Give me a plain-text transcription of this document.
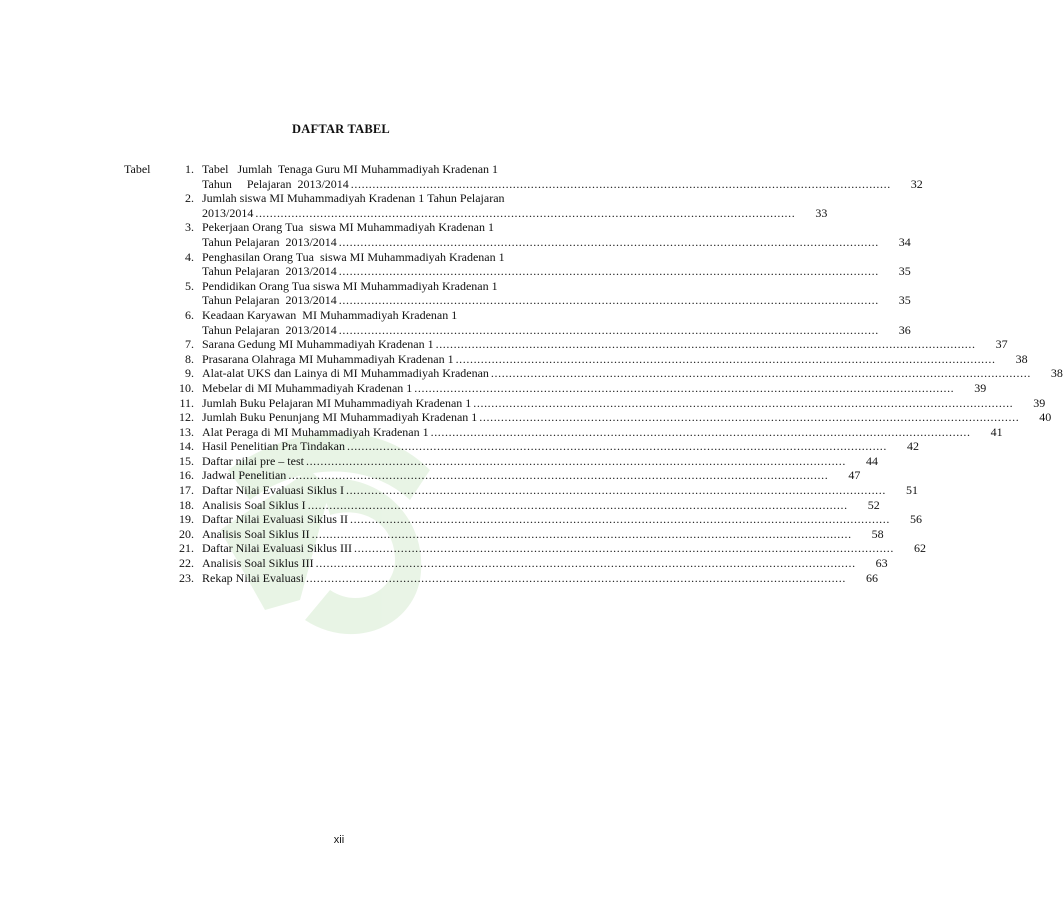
DAFTAR TABEL
Tabel	1. Tabel   Jumlah  Tenaga Guru MI Muhammadiyah Kradenan 1
Tahun     Pelajaran  2013/2014 .....	32
2. Jumlah siswa MI Muhammadiyah Kradenan 1 Tahun Pelajaran
2013/2014 .....	33
3. Pekerjaan Orang Tua  siswa MI Muhammadiyah Kradenan 1
Tahun Pelajaran  2013/2014 .....	34
4. Penghasilan Orang Tua  siswa MI Muhammadiyah Kradenan 1
Tahun Pelajaran  2013/2014 .....	35
5. Pendidikan Orang Tua siswa MI Muhammadiyah Kradenan 1
Tahun Pelajaran  2013/2014 .....	35
6. Keadaan Karyawan  MI Muhammadiyah Kradenan 1
Tahun Pelajaran  2013/2014 .....	36
7. Sarana Gedung MI Muhammadiyah Kradenan 1 .....	37
8. Prasarana Olahraga MI Muhammadiyah Kradenan 1 .....	38
9. Alat-alat UKS dan Lainya di MI Muhammadiyah Kradenan .....	38
10. Mebelar di MI Muhammadiyah Kradenan 1 .....	39
11. Jumlah Buku Pelajaran MI Muhammadiyah Kradenan 1 .....	39
12. Jumlah Buku Penunjang MI Muhammadiyah Kradenan 1 .....	40
13. Alat Peraga di MI Muhammadiyah Kradenan 1 .....	41
14. Hasil Penelitian Pra Tindakan .....	42
15. Daftar nilai pre – test .....	44
16. Jadwal Penelitian .....	47
17. Daftar Nilai Evaluasi Siklus I .....	51
18. Analisis Soal Siklus I .....	52
19. Daftar Nilai Evaluasi Siklus II .....	56
20. Analisis Soal Siklus II .....	58
21. Daftar Nilai Evaluasi Siklus III .....	62
22. Analisis Soal Siklus III .....	63
23. Rekap Nilai Evaluasi .....	66
xii
